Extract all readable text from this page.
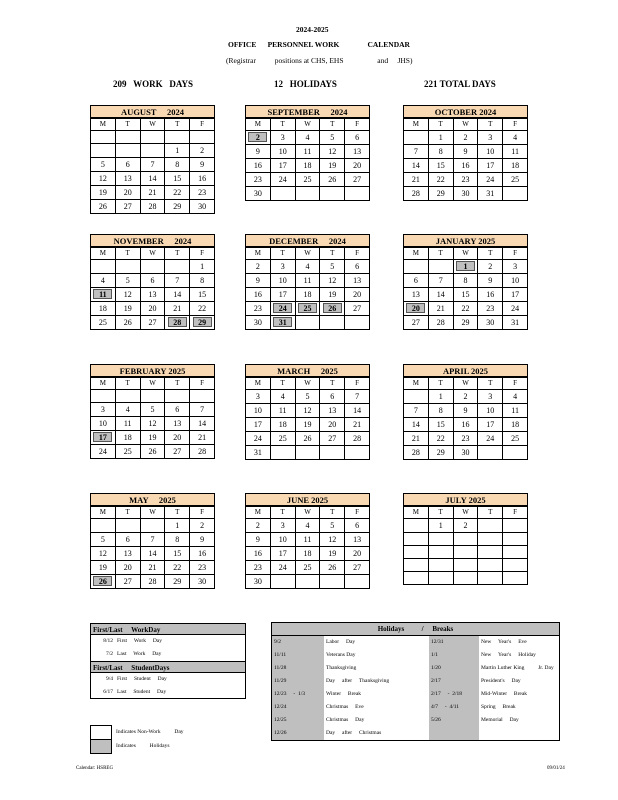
2024-2025
OFFICE      PERSONNEL WORK               CALENDAR
(Registrar          positions at CHS, EHS                  and     JHS)
209   WORK   DAYS	12   HOLIDAYS	221 TOTAL DAYS
AUGUST     2024
M	T	W	T	F

			1	2
5	6	7	8	9
12	13	14	15	16
19	20	21	22	23
26	27	28	29	30
SEPTEMBER     2024
M	T	W	T	F
2	3	4	5	6
9	10	11	12	13
16	17	18	19	20
23	24	25	26	27
30				
OCTOBER 2024
M	T	W	T	F
	1	2	3	4
7	8	9	10	11
14	15	16	17	18
21	22	23	24	25
28	29	30	31	
NOVEMBER     2024
M	T	W	T	F
				1
4	5	6	7	8
11	12	13	14	15
18	19	20	21	22
25	26	27	28	29
DECEMBER     2024
M	T	W	T	F
2	3	4	5	6
9	10	11	12	13
16	17	18	19	20
23	24	25	26	27
30	31			
JANUARY 2025
M	T	W	T	F
		1	2	3
6	7	8	9	10
13	14	15	16	17
20	21	22	23	24
27	28	29	30	31
FEBRUARY 2025
M	T	W	T	F

3	4	5	6	7
10	11	12	13	14
17	18	19	20	21
24	25	26	27	28
MARCH     2025
M	T	W	T	F
3	4	5	6	7
10	11	12	13	14
17	18	19	20	21
24	25	26	27	28
31				
APRIL 2025
M	T	W	T	F
	1	2	3	4
7	8	9	10	11
14	15	16	17	18
21	22	23	24	25
28	29	30		
MAY     2025
M	T	W	T	F
			1	2
5	6	7	8	9
12	13	14	15	16
19	20	21	22	23
26	27	28	29	30
JUNE 2025
M	T	W	T	F
2	3	4	5	6
9	10	11	12	13
16	17	18	19	20
23	24	25	26	27
30				
JULY 2025
M	T	W	T	F
	1	2		

First/Last     WorkDay
8/12 First     Work     Day
7/2 Last     Work     Day
First/Last     StudentDays
9/4 First     Student     Day
6/17 Last     Student     Day
Indicates Non-Work          Day
Indicates          Holidays
Holidays          /     Breaks
9/2	Labor     Day	12/31	New     Year's     Eve
11/11	Veterans Day	1/1	New     Year's     Holiday
11/28	Thanksgiving	1/20	Martin Luther King          Jr. Day
11/29	Day     after     Thanksgiving	2/17	President's     Day
12/23     -  1/3	Winter     Break	2/17     -  2/18	Mid-Winter     Break
12/24	Christmas     Eve	4/7     -  4/11	Spring     Break
12/25	Christmas     Day	5/26	Memorial     Day
12/26	Day     after     Christmas
Calendar: HSREG	09/01/24
